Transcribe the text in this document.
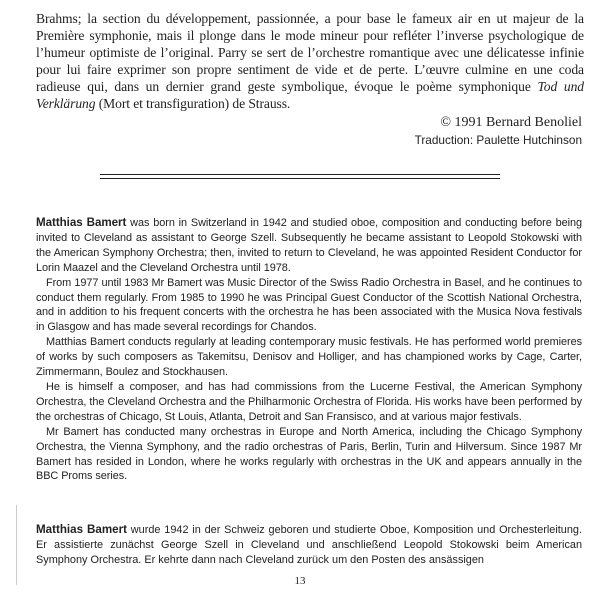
Brahms; la section du développement, passionnée, a pour base le fameux air en ut majeur de la Première symphonie, mais il plonge dans le mode mineur pour refléter l’inverse psychologique de l’humeur optimiste de l’original. Parry se sert de l’orchestre romantique avec une délicatesse infinie pour lui faire exprimer son propre sentiment de vide et de perte. L’œuvre culmine en une coda radieuse qui, dans un dernier grand geste symbolique, évoque le poème symphonique Tod und Verklärung (Mort et transfiguration) de Strauss.

© 1991 Bernard Benoliel
Traduction: Paulette Hutchinson

Matthias Bamert was born in Switzerland in 1942 and studied oboe, composition and conducting before being invited to Cleveland as assistant to George Szell. Subsequently he became assistant to Leopold Stokowski with the American Symphony Orchestra; then, invited to return to Cleveland, he was appointed Resident Conductor for Lorin Maazel and the Cleveland Orchestra until 1978.

From 1977 until 1983 Mr Bamert was Music Director of the Swiss Radio Orchestra in Basel, and he continues to conduct them regularly. From 1985 to 1990 he was Principal Guest Conductor of the Scottish National Orchestra, and in addition to his frequent concerts with the orchestra he has been associated with the Musica Nova festivals in Glasgow and has made several recordings for Chandos.

Matthias Bamert conducts regularly at leading contemporary music festivals. He has performed world premieres of works by such composers as Takemitsu, Denisov and Holliger, and has championed works by Cage, Carter, Zimmermann, Boulez and Stockhausen.

He is himself a composer, and has had commissions from the Lucerne Festival, the American Symphony Orchestra, the Cleveland Orchestra and the Philharmonic Orchestra of Florida. His works have been performed by the orchestras of Chicago, St Louis, Atlanta, Detroit and San Fransisco, and at various major festivals.

Mr Bamert has conducted many orchestras in Europe and North America, including the Chicago Symphony Orchestra, the Vienna Symphony, and the radio orchestras of Paris, Berlin, Turin and Hilversum. Since 1987 Mr Bamert has resided in London, where he works regularly with orchestras in the UK and appears annually in the BBC Proms series.

Matthias Bamert wurde 1942 in der Schweiz geboren und studierte Oboe, Komposition und Orchesterleitung. Er assistierte zunächst George Szell in Cleveland und anschließend Leopold Stokowski beim American Symphony Orchestra. Er kehrte dann nach Cleveland zurück um den Posten des ansässigen

13
